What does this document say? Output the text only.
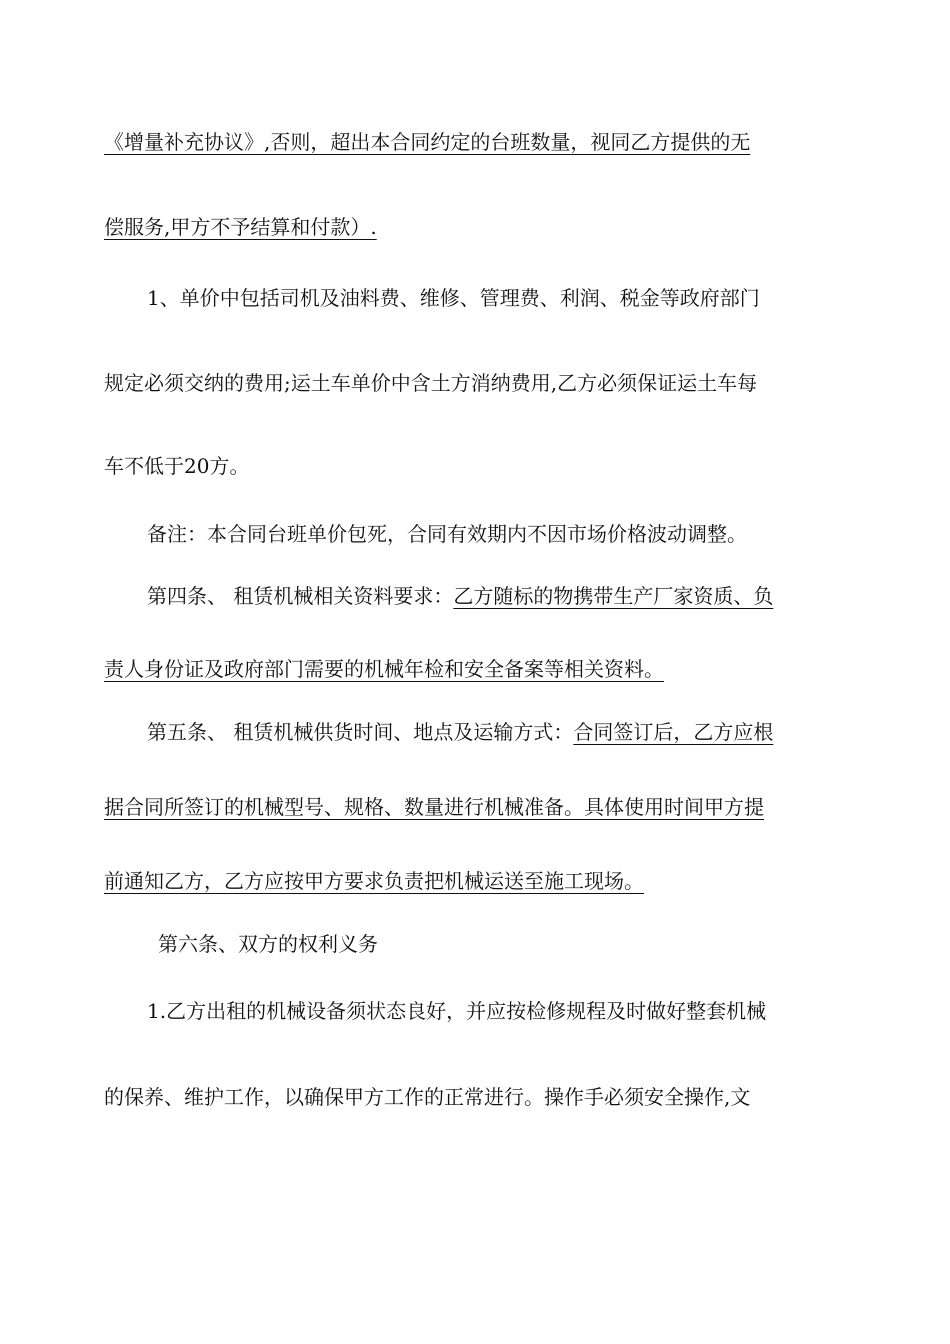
《增量补充协议》,否则，超出本合同约定的台班数量，视同乙方提供的无
偿服务,甲方不予结算和付款）.
1、单价中包括司机及油料费、维修、管理费、利润、税金等政府部门
规定必须交纳的费用;运土车单价中含土方消纳费用,乙方必须保证运土车每
车不低于20方。
备注：本合同台班单价包死，合同有效期内不因市场价格波动调整。
第四条、 租赁机械相关资料要求：乙方随标的物携带生产厂家资质、负
责人身份证及政府部门需要的机械年检和安全备案等相关资料。
第五条、 租赁机械供货时间、地点及运输方式：合同签订后，乙方应根
据合同所签订的机械型号、规格、数量进行机械准备。具体使用时间甲方提
前通知乙方，乙方应按甲方要求负责把机械运送至施工现场。
第六条、双方的权利义务
1.乙方出租的机械设备须状态良好，并应按检修规程及时做好整套机械
的保养、维护工作，以确保甲方工作的正常进行。操作手必须安全操作,文
